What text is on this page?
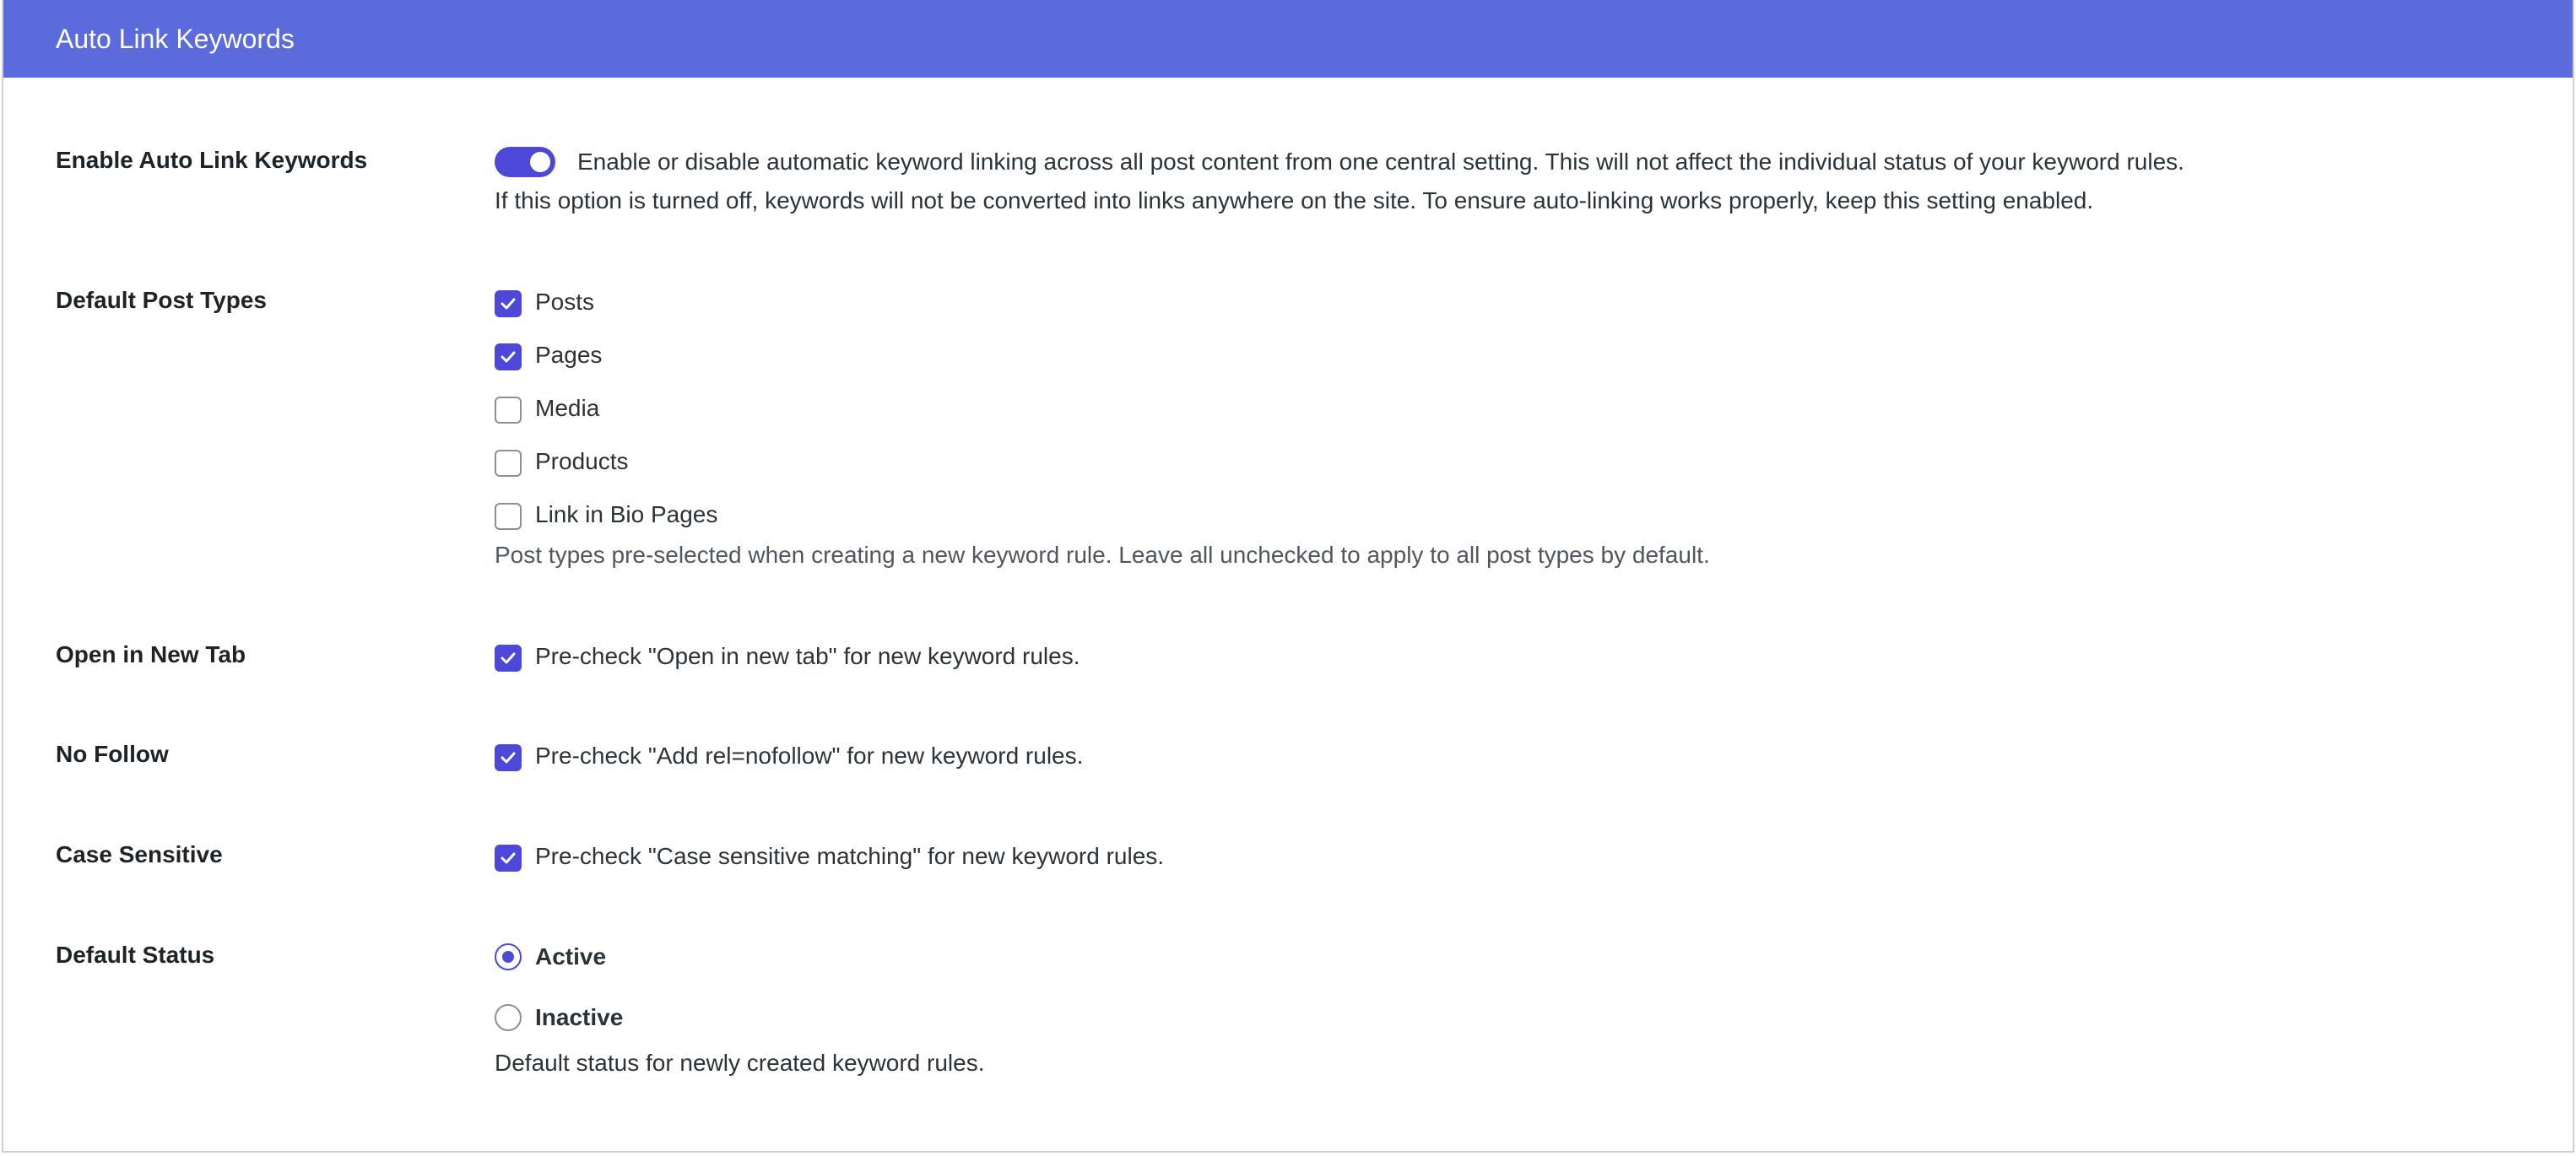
Auto Link Keywords
Enable Auto Link Keywords	Enable or disable automatic keyword linking across all post content from one central setting. This will not affect the individual status of your keyword rules.
If this option is turned off, keywords will not be converted into links anywhere on the site. To ensure auto-linking works properly, keep this setting enabled.
Default Post Types	Posts
Pages
Media
Products
Link in Bio Pages
Post types pre-selected when creating a new keyword rule. Leave all unchecked to apply to all post types by default.
Open in New Tab	Pre-check "Open in new tab" for new keyword rules.
No Follow	Pre-check "Add rel=nofollow" for new keyword rules.
Case Sensitive	Pre-check "Case sensitive matching" for new keyword rules.
Default Status	Active
Inactive
Default status for newly created keyword rules.
